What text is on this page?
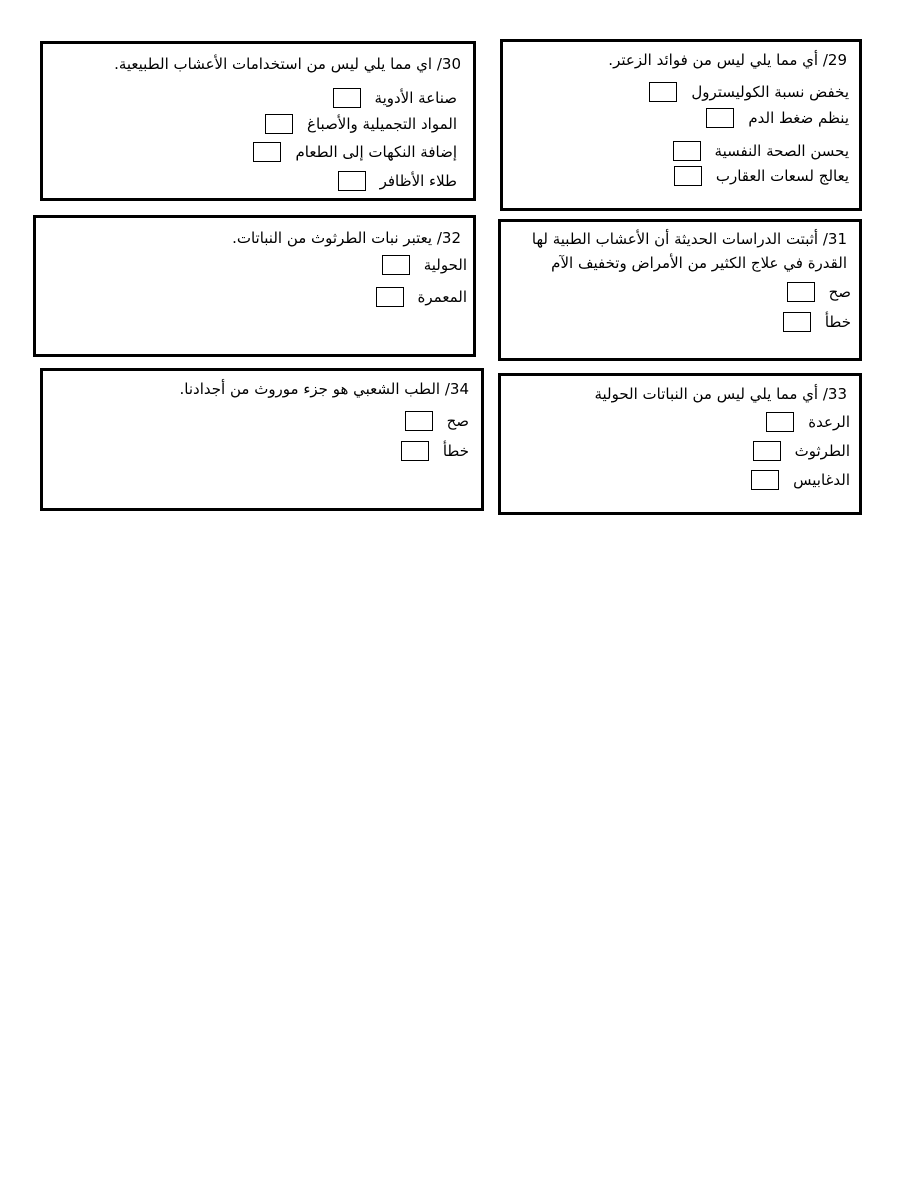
29/ أي مما يلي ليس من فوائد الزعتر.
يخفض نسبة الكوليسترول
ينظم ضغط الدم
يحسن الصحة النفسية
يعالج لسعات العقارب
30/ اي مما يلي ليس من استخدامات الأعشاب الطبيعية.
صناعة الأدوية
المواد التجميلية والأصباغ
إضافة النكهات إلى الطعام
طلاء الأظافر
31/ أثبتت الدراسات الحديثة أن الأعشاب الطبية لها
القدرة في علاج الكثير من الأمراض وتخفيف الآم
صح
خطأ
32/ يعتبر نبات الطرثوث من النباتات.
الحولية
المعمرة
33/ أي مما يلي ليس من النباتات الحولية
الرعدة
الطرثوث
الدغابيس
34/ الطب الشعبي هو جزء موروث من أجدادنا.
صح
خطأ
